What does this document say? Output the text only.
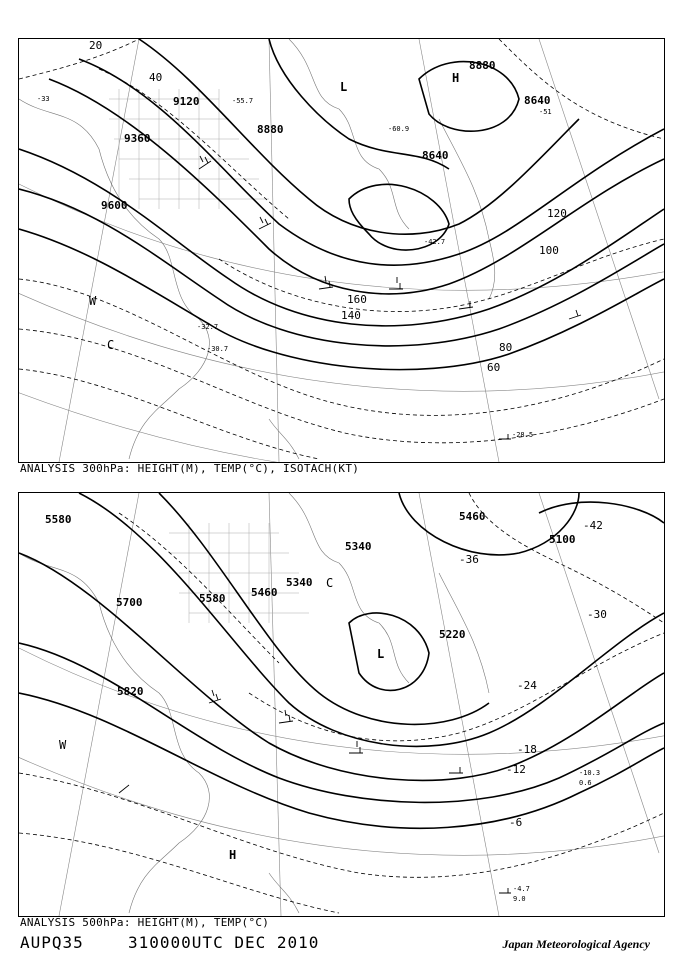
9600
9360
9120
8880
8640
8880
8640
20
40
60
80
100
120
140
160
-28.5
-30.7
-32.7
-33
-42.7
-51
-55.7
-60.9
H
L
W
C
ANALYSIS 300hPa: HEIGHT(M), TEMP(°C), ISOTACH(KT)
5700
5820
5580
5340
5460
5220
5100
5460
5340
5580
-6
-12
-18
-24
-30
-36
-42
-4.7
9.0
-10.3
0.6
H
L
W
C
ANALYSIS 500hPa: HEIGHT(M), TEMP(°C)
AUPQ35	310000UTC DEC 2010	Japan Meteorological Agency
